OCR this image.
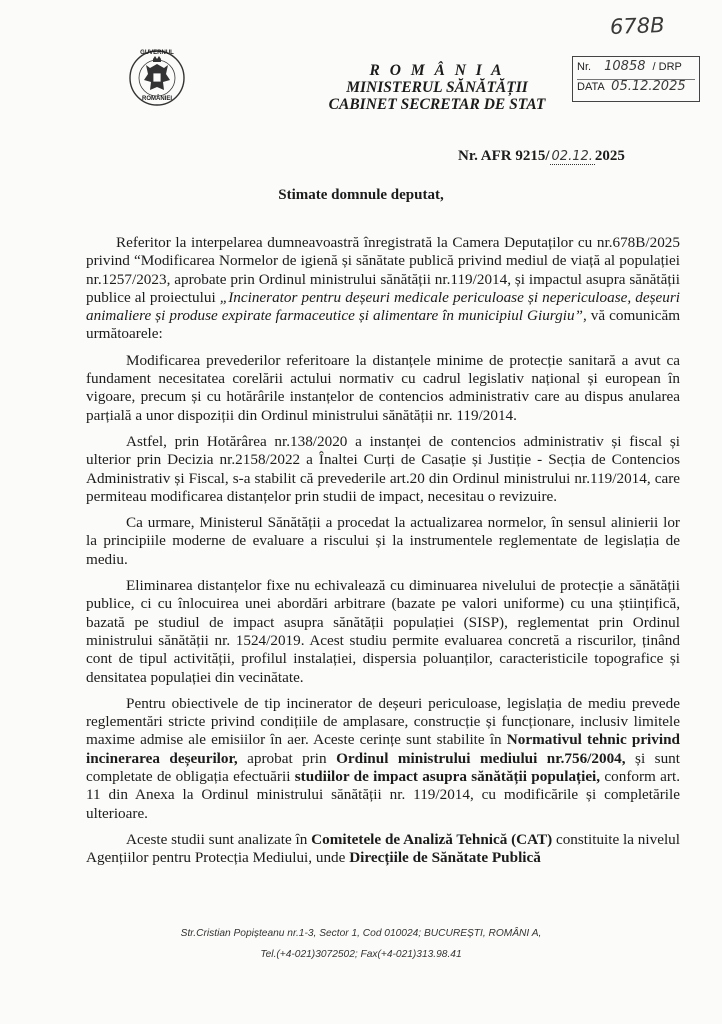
GUVERNUL
ROMÂNIEI
R O M Â N I A
MINISTERUL SĂNĂTĂȚII
CABINET SECRETAR DE STAT
678B
Nr. 10858 / DRP
DATA 05.12.2025
Nr. AFR 9215/ 02.12. 2025
Stimate domnule deputat,

Referitor la interpelarea dumneavoastră înregistrată la Camera Deputaților cu nr.678B/2025 privind “Modificarea Normelor de igienă și sănătate publică privind mediul de viață al populației nr.1257/2023, aprobate prin Ordinul ministrului sănătății nr.119/2014, și impactul asupra sănătății publice al proiectului „Incinerator pentru deșeuri medicale periculoase și nepericuloase, deșeuri animaliere și produse expirate farmaceutice și alimentare în municipiul Giurgiu”, vă comunicăm următoarele:

Modificarea prevederilor referitoare la distanțele minime de protecție sanitară a avut ca fundament necesitatea corelării actului normativ cu cadrul legislativ național și european în vigoare, precum și cu hotărârile instanțelor de contencios administrativ care au dispus anularea parțială a unor dispoziții din Ordinul ministrului sănătății nr. 119/2014.

Astfel, prin Hotărârea nr.138/2020 a instanței de contencios administrativ și fiscal și ulterior prin Decizia nr.2158/2022 a Înaltei Curți de Casație și Justiție - Secția de Contencios Administrativ și Fiscal, s-a stabilit că prevederile art.20 din Ordinul ministrului nr.119/2014, care permiteau modificarea distanțelor prin studii de impact, necesitau o revizuire.

Ca urmare, Ministerul Sănătății a procedat la actualizarea normelor, în sensul alinierii lor la principiile moderne de evaluare a riscului și la instrumentele reglementate de legislația de mediu.

Eliminarea distanțelor fixe nu echivalează cu diminuarea nivelului de protecție a sănătății publice, ci cu înlocuirea unei abordări arbitrare (bazate pe valori uniforme) cu una științifică, bazată pe studiul de impact asupra sănătății populației (SISP), reglementat prin Ordinul ministrului sănătății nr. 1524/2019. Acest studiu permite evaluarea concretă a riscurilor, ținând cont de tipul activității, profilul instalației, dispersia poluanților, caracteristicile topografice și densitatea populației din vecinătate.

Pentru obiectivele de tip incinerator de deșeuri periculoase, legislația de mediu prevede reglementări stricte privind condițiile de amplasare, construcție și funcționare, inclusiv limitele maxime admise ale emisiilor în aer. Aceste cerințe sunt stabilite în Normativul tehnic privind incinerarea deșeurilor, aprobat prin Ordinul ministrului mediului nr.756/2004, și sunt completate de obligația efectuării studiilor de impact asupra sănătății populației, conform art. 11 din Anexa la Ordinul ministrului sănătății nr. 119/2014, cu modificările și completările ulterioare.

Aceste studii sunt analizate în Comitetele de Analiză Tehnică (CAT) constituite la nivelul Agențiilor pentru Protecția Mediului, unde Direcțiile de Sănătate Publică

Str.Cristian Popișteanu nr.1-3, Sector 1, Cod 010024; BUCUREȘTI, ROMÂNI A,
Tel.(+4-021)3072502; Fax(+4-021)313.98.41
